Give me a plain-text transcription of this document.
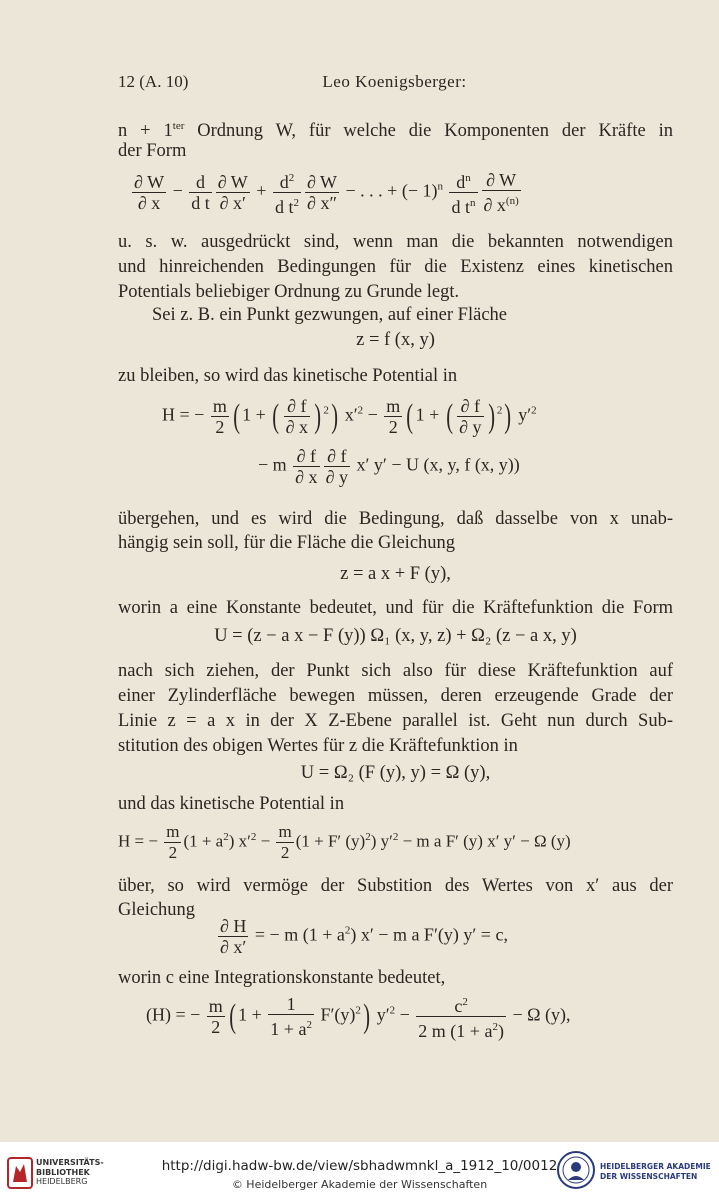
12 (A. 10)	Leo Koenigsberger:
$n + 1^{ter}$ Ordnung W, für welche die Komponenten der Kräfte in
der Form
$\frac{\partial W}{\partial x} - \frac{d}{\text{d t}} \frac{\partial W}{\partial x'} + \frac{d^2}{d t^2} \frac{\partial W}{\partial x''}$ − . . . + (− $1)^n \frac{d^n}{d t^n} \frac{\partial W}{\partial x^{(n)}}$
u. s. w. ausgedrückt sind, wenn man die bekannten notwendigen
und hinreichenden Bedingungen für die Existenz eines kinetischen
Potentials beliebiger Ordnung zu Grunde legt.
Sei z. B. ein Punkt gezwungen, auf einer Fläche
z = f (x, y)
zu bleiben, so wird das kinetische Potential in
H = − $\frac{m}{2}$ ( 1 + ( $\frac{\partial f}{\partial x}$ ) $^2$) $x'^2 - \frac{m}{2}$ ( 1 + ( $\frac{\partial f}{\partial y}$ ) $^2$) $y'^2$
− m $\frac{\partial f}{\partial x} \frac{\partial f}{\partial y} x'$ y′ − U (x, y, f (x, y))
übergehen, und es wird die Bedingung, daß dasselbe von x unab-
hängig sein soll, für die Fläche die Gleichung
z = a x + F (y),
worin a eine Konstante bedeutet, und für die Kräftefunktion die Form
U = (z − a x − F (y)) Ω₁ (x, y, z) + Ω₂ (z − a x, y)
nach sich ziehen, der Punkt sich also für diese Kräftefunktion auf
einer Zylinderfläche bewegen müssen, deren erzeugende Grade der
Linie z = a x in der X Z-Ebene parallel ist. Geht nun durch Sub-
stitution des obigen Wertes für z die Kräftefunktion in
U = Ω₂ (F (y), y) = Ω (y),
und das kinetische Potential in
H = − $\frac{m}{2} (1 + a^2) x'^2 - \frac{m}{2} (1 + F'$ $(y)^2$) $y'^2 - m$ a F′ (y) x′ y′ − Ω (y)
über, so wird vermöge der Substition des Wertes von x′ aus der
Gleichung
$\frac{\partial H}{\partial x'}$ = − m $(1 + a^2)$ x′ − m a F′(y) y′ = c,
worin c eine Integrationskonstante bedeutet,
(H) = − $\frac{m}{2}$ ( $1 + \frac{1}{1 + a^2} F'(y)^2$) $y'^2 - \frac{c^2}{2 m (1 + a^2)} - \Omega$ (y),
UNIVERSITÄTS-
BIBLIOTHEK
HEIDELBERG
http://digi.hadw-bw.de/view/sbhadwmnkl_a_1912_10/0012
© Heidelberger Akademie der Wissenschaften
HEIDELBERGER AKADEMIE
DER WISSENSCHAFTEN
